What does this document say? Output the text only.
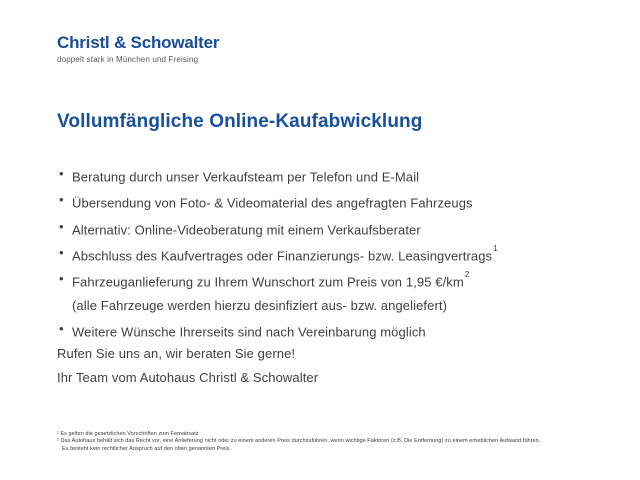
Christl & Schowalter
doppelt stark in München und Freising
Vollumfängliche Online-Kaufabwicklung
• Beratung durch unser Verkaufsteam per Telefon und E-Mail
• Übersendung von Foto- & Videomaterial des angefragten Fahrzeugs
• Alternativ: Online-Videoberatung mit einem Verkaufsberater
• Abschluss des Kaufvertrages oder Finanzierungs- bzw. Leasingvertrags$^1$
• Fahrzeuganlieferung zu Ihrem Wunschort zum Preis von 1,95 $€/km^2$
(alle Fahrzeuge werden hierzu desinfiziert aus- bzw. angeliefert)
• Weitere Wünsche Ihrerseits sind nach Vereinbarung möglich

Rufen Sie uns an, wir beraten Sie gerne!

Ihr Team vom Autohaus Christl & Schowalter

¹ Es gelten die gesetzlichen Vorschriften zum Fernabsatz
² Das Autohaus behält sich das Recht vor, eine Anlieferung nicht oder zu einem anderen Preis durchzuführen, wenn wichtige Faktoren (z.B. Die Entfernung) zu einem erheblichen Aufwand führen.
Es besteht kein rechtlicher Anspruch auf den oben genannten Preis.
